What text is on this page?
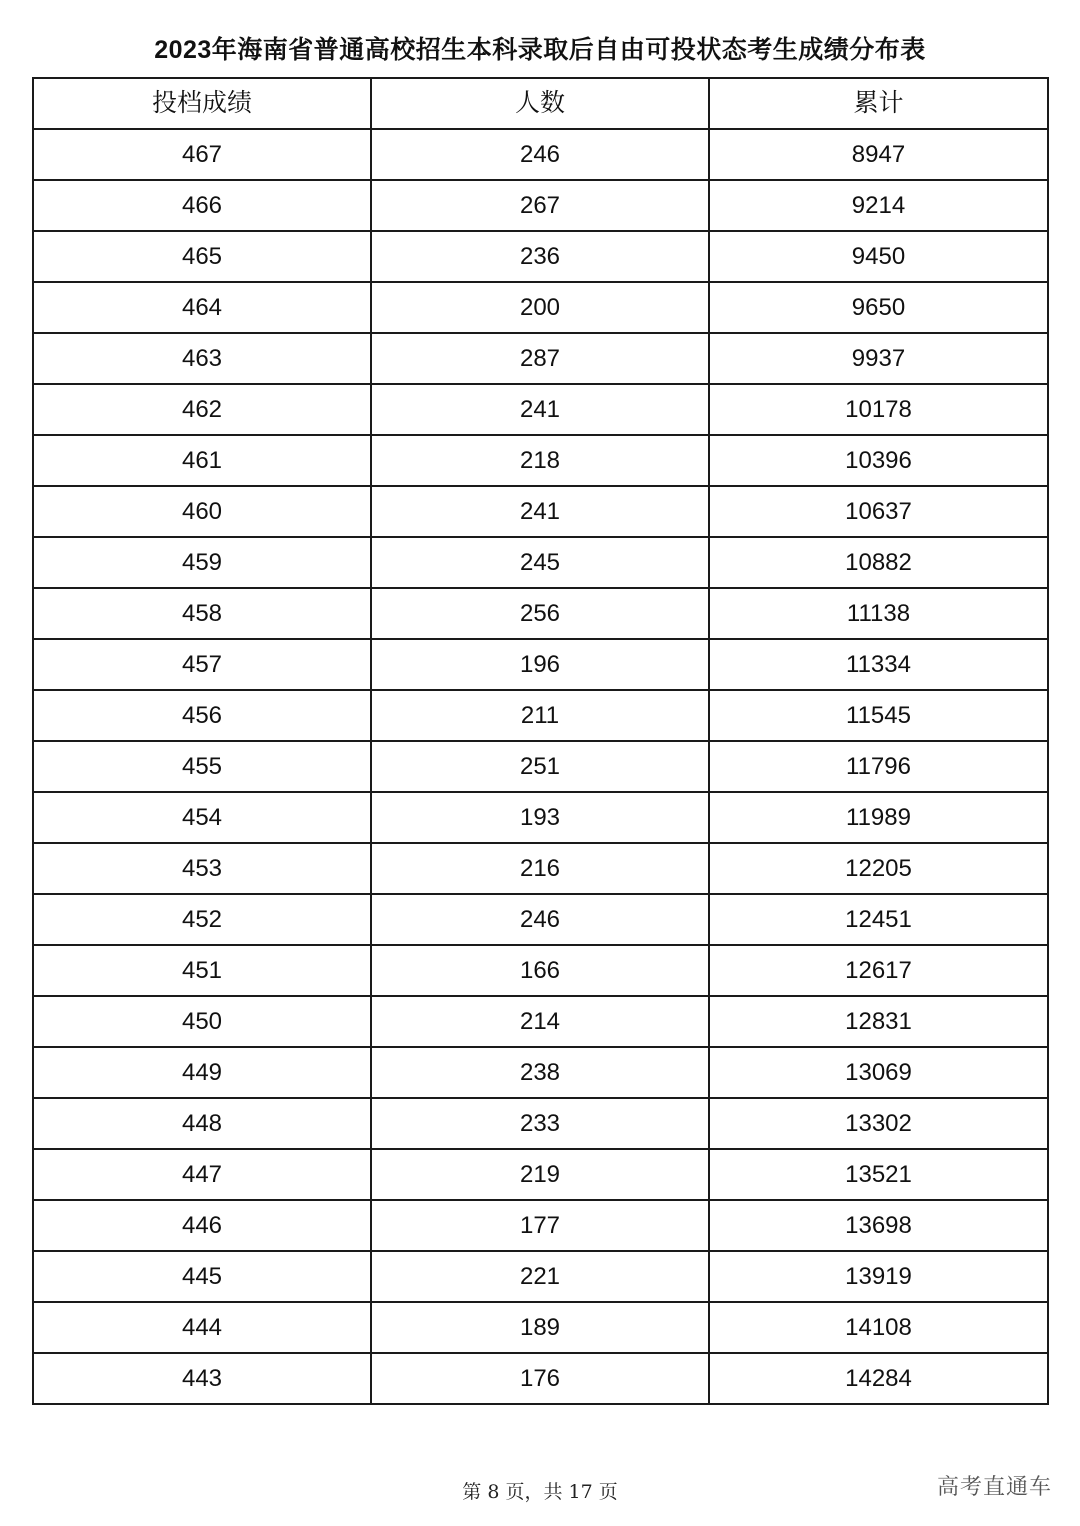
2023年海南省普通高校招生本科录取后自由可投状态考生成绩分布表
投档成绩	人数	累计
467	246	8947
466	267	9214
465	236	9450
464	200	9650
463	287	9937
462	241	10178
461	218	10396
460	241	10637
459	245	10882
458	256	11138
457	196	11334
456	211	11545
455	251	11796
454	193	11989
453	216	12205
452	246	12451
451	166	12617
450	214	12831
449	238	13069
448	233	13302
447	219	13521
446	177	13698
445	221	13919
444	189	14108
443	176	14284
第 8 页，共 17 页	高考直通车
